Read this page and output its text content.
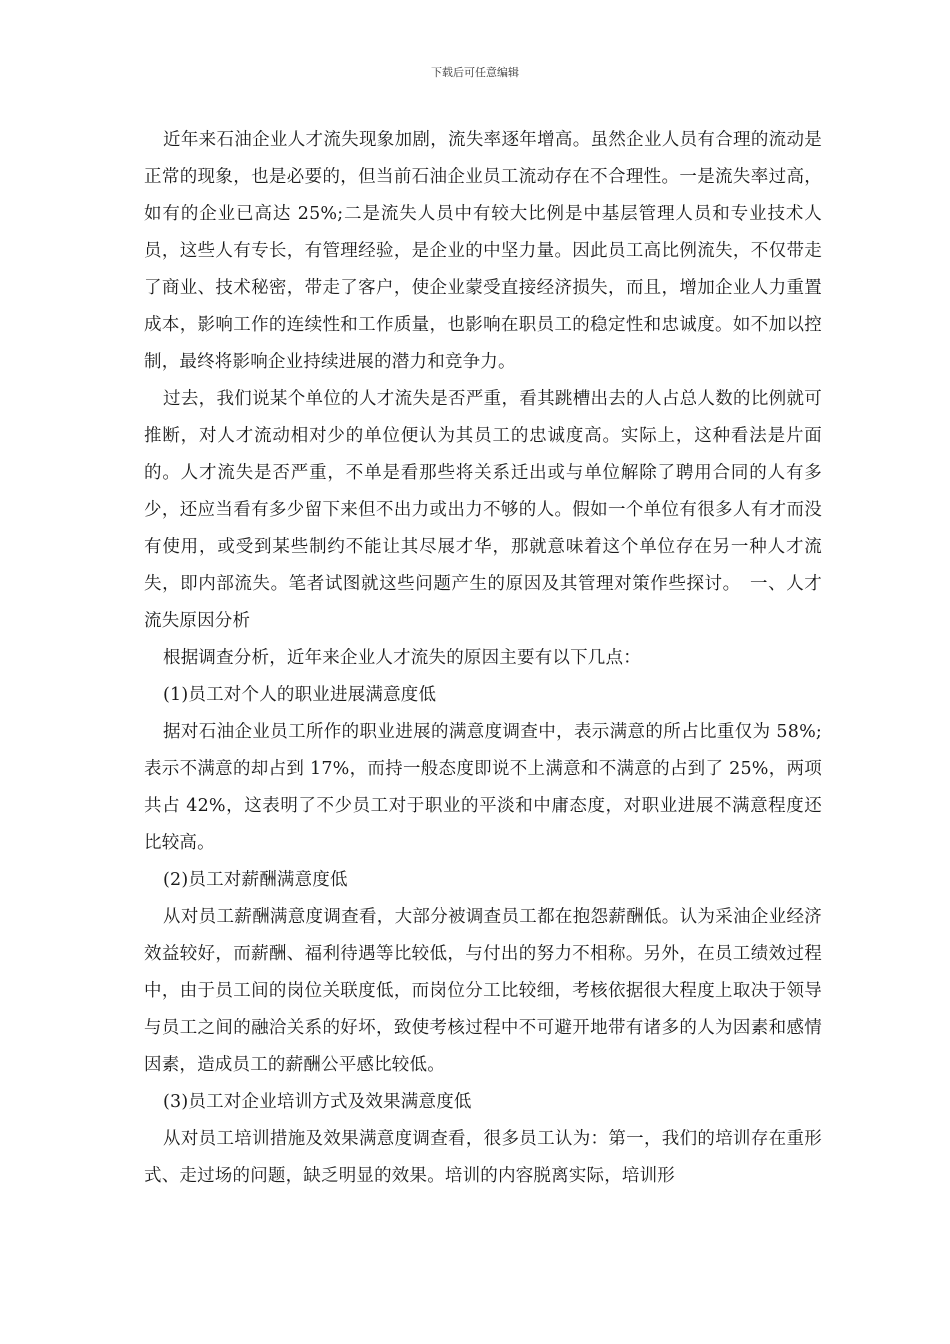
下载后可任意编辑

近年来石油企业人才流失现象加剧，流失率逐年增高。虽然企业人员有合理的流动是正常的现象，也是必要的，但当前石油企业员工流动存在不合理性。一是流失率过高，如有的企业已高达 25%;二是流失人员中有较大比例是中基层管理人员和专业技术人员，这些人有专长，有管理经验，是企业的中坚力量。因此员工高比例流失，不仅带走了商业、技术秘密，带走了客户，使企业蒙受直接经济损失，而且，增加企业人力重置成本，影响工作的连续性和工作质量，也影响在职员工的稳定性和忠诚度。如不加以控制，最终将影响企业持续进展的潜力和竞争力。

过去，我们说某个单位的人才流失是否严重，看其跳槽出去的人占总人数的比例就可推断，对人才流动相对少的单位便认为其员工的忠诚度高。实际上，这种看法是片面的。人才流失是否严重，不单是看那些将关系迁出或与单位解除了聘用合同的人有多少，还应当看有多少留下来但不出力或出力不够的人。假如一个单位有很多人有才而没有使用，或受到某些制约不能让其尽展才华，那就意味着这个单位存在另一种人才流失，即内部流失。笔者试图就这些问题产生的原因及其管理对策作些探讨。　一、人才流失原因分析

根据调查分析，近年来企业人才流失的原因主要有以下几点：

(1)员工对个人的职业进展满意度低

据对石油企业员工所作的职业进展的满意度调查中，表示满意的所占比重仅为 58%;表示不满意的却占到 17%，而持一般态度即说不上满意和不满意的占到了 25%，两项共占 42%，这表明了不少员工对于职业的平淡和中庸态度，对职业进展不满意程度还比较高。

(2)员工对薪酬满意度低

从对员工薪酬满意度调查看，大部分被调查员工都在抱怨薪酬低。认为采油企业经济效益较好，而薪酬、福利待遇等比较低，与付出的努力不相称。另外，在员工绩效过程中，由于员工间的岗位关联度低，而岗位分工比较细，考核依据很大程度上取决于领导与员工之间的融洽关系的好坏，致使考核过程中不可避开地带有诸多的人为因素和感情因素，造成员工的薪酬公平感比较低。

(3)员工对企业培训方式及效果满意度低

从对员工培训措施及效果满意度调查看，很多员工认为：第一，我们的培训存在重形式、走过场的问题，缺乏明显的效果。培训的内容脱离实际，培训形
